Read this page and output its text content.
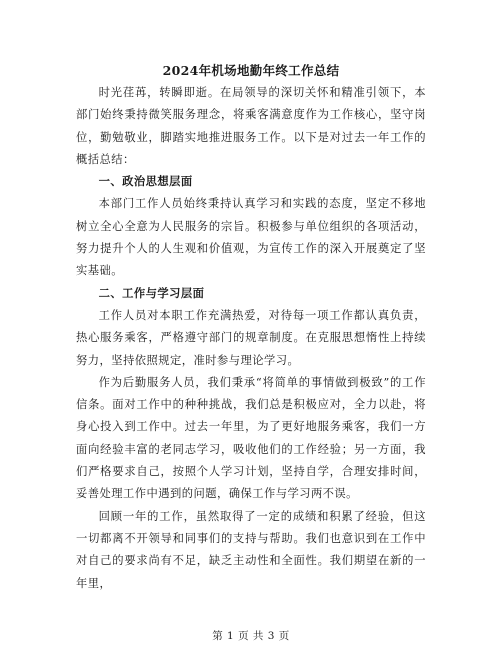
2024年机场地勤年终工作总结

时光荏苒，转瞬即逝。在局领导的深切关怀和精准引领下，本部门始终秉持微笑服务理念，将乘客满意度作为工作核心，坚守岗位，勤勉敬业，脚踏实地推进服务工作。以下是对过去一年工作的概括总结：

一、政治思想层面

本部门工作人员始终秉持认真学习和实践的态度，坚定不移地树立全心全意为人民服务的宗旨。积极参与单位组织的各项活动，努力提升个人的人生观和价值观，为宣传工作的深入开展奠定了坚实基础。

二、工作与学习层面

工作人员对本职工作充满热爱，对待每一项工作都认真负责，热心服务乘客，严格遵守部门的规章制度。在克服思想惰性上持续努力，坚持依照规定，准时参与理论学习。

作为后勤服务人员，我们秉承“将简单的事情做到极致”的工作信条。面对工作中的种种挑战，我们总是积极应对，全力以赴，将身心投入到工作中。过去一年里，为了更好地服务乘客，我们一方面向经验丰富的老同志学习，吸收他们的工作经验；另一方面，我们严格要求自己，按照个人学习计划，坚持自学，合理安排时间，妥善处理工作中遇到的问题，确保工作与学习两不误。

回顾一年的工作，虽然取得了一定的成绩和积累了经验，但这一切都离不开领导和同事们的支持与帮助。我们也意识到在工作中对自己的要求尚有不足，缺乏主动性和全面性。我们期望在新的一年里，

第 1 页 共 3 页
